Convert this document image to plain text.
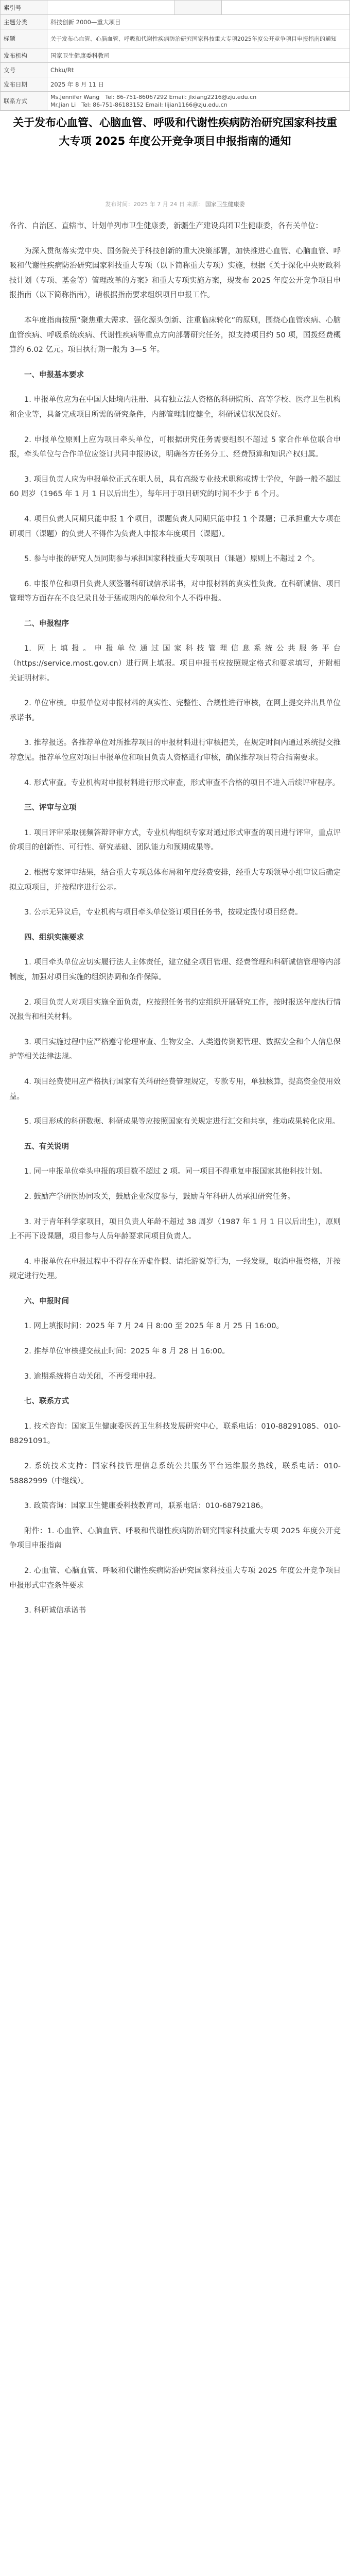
索引号			
主题分类	科技创新 2000—重大项目		
标题	关于发布心血管、心脑血管、呼吸和代谢性疾病防治研究国家科技重大专项2025年度公开竞争项目申报指南的通知		
发布机构	国家卫生健康委科教司		
文号	Chku/Rt		
发布日期	2025 年 8 月 11 日		
联系方式	Ms.Jennifer Wang　Tel: 86-751-86067292 Email: jlxiang2216@zju.edu.cn
Mr.Jian Li　Tel: 86-751-86183152 Email: lijian1166@zju.edu.cn		
关于发布心血管、心脑血管、呼吸和代谢性疾病防治研究国家科技重大专项 2025 年度公开竞争项目申报指南的通知
发布时间：2025 年 7 月 24 日 来源： 国家卫生健康委

各省、自治区、直辖市、计划单列市卫生健康委，新疆生产建设兵团卫生健康委，各有关单位：

为深入贯彻落实党中央、国务院关于科技创新的重大决策部署，加快推进心血管、心脑血管、呼吸和代谢性疾病防治研究国家科技重大专项（以下简称重大专项）实施，根据《关于深化中央财政科技计划（专项、基金等）管理改革的方案》和重大专项实施方案，现发布 2025 年度公开竞争项目申报指南（以下简称指南），请根据指南要求组织项目申报工作。

本年度指南按照“聚焦重大需求、强化源头创新、注重临床转化”的原则，围绕心血管疾病、心脑血管疾病、呼吸系统疾病、代谢性疾病等重点方向部署研究任务，拟支持项目约 50 项，国拨经费概算约 6.02 亿元。项目执行期一般为 3—5 年。

一、申报基本要求

1. 申报单位应为在中国大陆境内注册、具有独立法人资格的科研院所、高等学校、医疗卫生机构和企业等，具备完成项目所需的研究条件，内部管理制度健全，科研诚信状况良好。

2. 申报单位原则上应为项目牵头单位，可根据研究任务需要组织不超过 5 家合作单位联合申报，牵头单位与合作单位应签订共同申报协议，明确各方任务分工、经费预算和知识产权归属。

3. 项目负责人应为申报单位正式在职人员，具有高级专业技术职称或博士学位，年龄一般不超过 60 周岁（1965 年 1 月 1 日以后出生），每年用于项目研究的时间不少于 6 个月。

4. 项目负责人同期只能申报 1 个项目，课题负责人同期只能申报 1 个课题；已承担重大专项在研项目（课题）的负责人不得作为负责人申报本年度项目（课题）。

5. 参与申报的研究人员同期参与承担国家科技重大专项项目（课题）原则上不超过 2 个。

6. 申报单位和项目负责人须签署科研诚信承诺书，对申报材料的真实性负责。在科研诚信、项目管理等方面存在不良记录且处于惩戒期内的单位和个人不得申报。

二、申报程序

1. 网上填报。申报单位通过国家科技管理信息系统公共服务平台（https://service.most.gov.cn）进行网上填报。项目申报书应按照规定格式和要求填写，并附相关证明材料。

2. 单位审核。申报单位对申报材料的真实性、完整性、合规性进行审核，在网上提交并出具单位承诺书。

3. 推荐报送。各推荐单位对所推荐项目的申报材料进行审核把关，在规定时间内通过系统提交推荐意见。推荐单位应对项目申报单位和项目负责人资格进行审核，确保推荐项目符合指南要求。

4. 形式审查。专业机构对申报材料进行形式审查，形式审查不合格的项目不进入后续评审程序。

三、评审与立项

1. 项目评审采取视频答辩评审方式，专业机构组织专家对通过形式审查的项目进行评审，重点评价项目的创新性、可行性、研究基础、团队能力和预期成果等。

2. 根据专家评审结果，结合重大专项总体布局和年度经费安排，经重大专项领导小组审议后确定拟立项项目，并按程序进行公示。

3. 公示无异议后，专业机构与项目牵头单位签订项目任务书，按规定拨付项目经费。

四、组织实施要求

1. 项目牵头单位应切实履行法人主体责任，建立健全项目管理、经费管理和科研诚信管理等内部制度，加强对项目实施的组织协调和条件保障。

2. 项目负责人对项目实施全面负责，应按照任务书约定组织开展研究工作，按时报送年度执行情况报告和相关材料。

3. 项目实施过程中应严格遵守伦理审查、生物安全、人类遗传资源管理、数据安全和个人信息保护等相关法律法规。

4. 项目经费使用应严格执行国家有关科研经费管理规定，专款专用，单独核算，提高资金使用效益。

5. 项目形成的科研数据、科研成果等应按照国家有关规定进行汇交和共享，推动成果转化应用。

五、有关说明

1. 同一申报单位牵头申报的项目数不超过 2 项。同一项目不得重复申报国家其他科技计划。

2. 鼓励产学研医协同攻关，鼓励企业深度参与，鼓励青年科研人员承担研究任务。

3. 对于青年科学家项目，项目负责人年龄不超过 38 周岁（1987 年 1 月 1 日以后出生），原则上不再下设课题，项目参与人员年龄要求同项目负责人。

4. 申报单位在申报过程中不得存在弄虚作假、请托游说等行为，一经发现，取消申报资格，并按规定进行处理。

六、申报时间

1. 网上填报时间：2025 年 7 月 24 日 8:00 至 2025 年 8 月 25 日 16:00。

2. 推荐单位审核提交截止时间：2025 年 8 月 28 日 16:00。

3. 逾期系统将自动关闭，不再受理申报。

七、联系方式

1. 技术咨询：国家卫生健康委医药卫生科技发展研究中心，联系电话：010-88291085、010-88291091。

2. 系统技术支持：国家科技管理信息系统公共服务平台运维服务热线，联系电话：010-58882999（中继线）。

3. 政策咨询：国家卫生健康委科技教育司，联系电话：010-68792186。

附件：1. 心血管、心脑血管、呼吸和代谢性疾病防治研究国家科技重大专项 2025 年度公开竞争项目申报指南

2. 心血管、心脑血管、呼吸和代谢性疾病防治研究国家科技重大专项 2025 年度公开竞争项目申报形式审查条件要求

3. 科研诚信承诺书
